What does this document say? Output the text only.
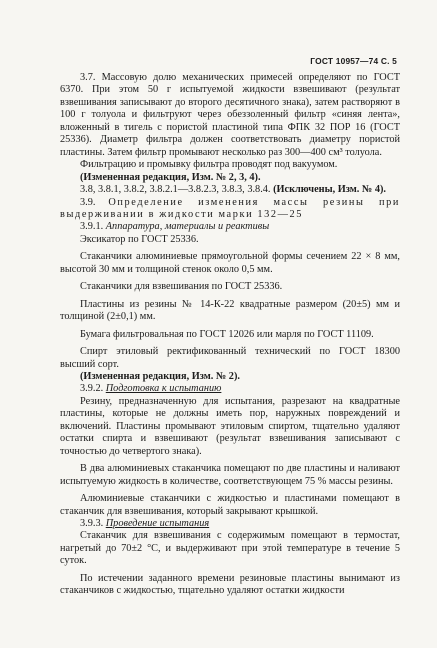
ГОСТ 10957—74 С. 5

3.7. Массовую долю механических примесей определяют по ГОСТ 6370. При этом 50 г испытуемой жидкости взвешивают (результат взвешивания записывают до второго десятичного знака), затем растворяют в 100 г толуола и фильтруют через обеззоленный фильтр «синяя лента», вложенный в тигель с пористой пластиной типа ФПК 32 ПОР 16 (ГОСТ 25336). Диаметр фильтра должен соответствовать диаметру пористой пластины. Затем фильтр промывают несколько раз 300—400 см³ толуола.

Фильтрацию и промывку фильтра проводят под вакуумом.

(Измененная редакция, Изм. № 2, 3, 4).

3.8, 3.8.1, 3.8.2, 3.8.2.1—3.8.2.3, 3.8.3, 3.8.4. (Исключены, Изм. № 4).

3.9. Определение изменения массы резины при выдерживании в жидкости марки 132—25

3.9.1. Аппаратура, материалы и реактивы

Эксикатор по ГОСТ 25336.

Стаканчики алюминиевые прямоугольной формы сечением 22 × 8 мм, высотой 30 мм и толщиной стенок около 0,5 мм.

Стаканчики для взвешивания по ГОСТ 25336.

Пластины из резины № 14-К-22 квадратные размером (20±5) мм и толщиной (2±0,1) мм.

Бумага фильтровальная по ГОСТ 12026 или марля по ГОСТ 11109.

Спирт этиловый ректификованный технический по ГОСТ 18300 высший сорт.

(Измененная редакция, Изм. № 2).

3.9.2. Подготовка к испытанию

Резину, предназначенную для испытания, разрезают на квадратные пластины, которые не должны иметь пор, наружных повреждений и включений. Пластины промывают этиловым спиртом, тщательно удаляют остатки спирта и взвешивают (результат взвешивания записывают с точностью до четвертого знака).

В два алюминиевых стаканчика помещают по две пластины и наливают испытуемую жидкость в количестве, соответствующем 75 % массы резины.

Алюминиевые стаканчики с жидкостью и пластинами помещают в стаканчик для взвешивания, который закрывают крышкой.

3.9.3. Проведение испытания

Стаканчик для взвешивания с содержимым помещают в термостат, нагретый до 70±2 °С, и выдерживают при этой температуре в течение 5 суток.

По истечении заданного времени резиновые пластины вынимают из стаканчиков с жидкостью, тщательно удаляют остатки жидкости
